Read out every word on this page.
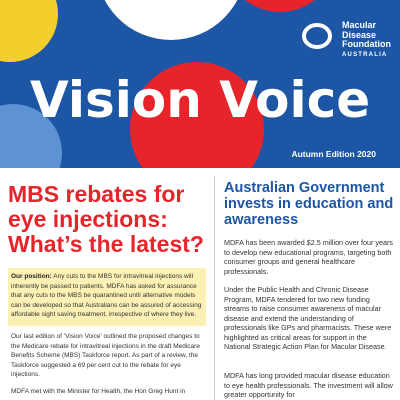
Macular
Disease
Foundation
AUSTRALIA
Vision Voice
Autumn Edition 2020
MBS rebates for eye injections: What’s the latest?

Our position: Any cuts to the MBS for intravitreal injections will inherently be passed to patients. MDFA has asked for assurance that any cuts to the MBS be quarantined until alternative models can be developed so that Australians can be assured of accessing affordable sight saving treatment, irrespective of where they live.

Our last edition of ‘Vision Voice’ outlined the proposed changes to the Medicare rebate for intravitreal injections in the draft Medicare Benefits Scheme (MBS) Taskforce report. As part of a review, the Taskforce suggested a 69 per cent cut to the rebate for eye injections.

MDFA met with the Minister for Health, the Hon Greg Hunt in

Australian Government invests in education and awareness

MDFA has been awarded $2.5 million over four years to develop new educational programs, targeting both consumer groups and general healthcare professionals.

Under the Public Health and Chronic Disease Program, MDFA tendered for two new funding streams to raise consumer awareness of macular disease and extend the understanding of professionals like GPs and pharmacists. These were highlighted as critical areas for support in the National Strategic Action Plan for Macular Disease.

MDFA has long provided macular disease education to eye health professionals. The investment will allow greater opportunity for
